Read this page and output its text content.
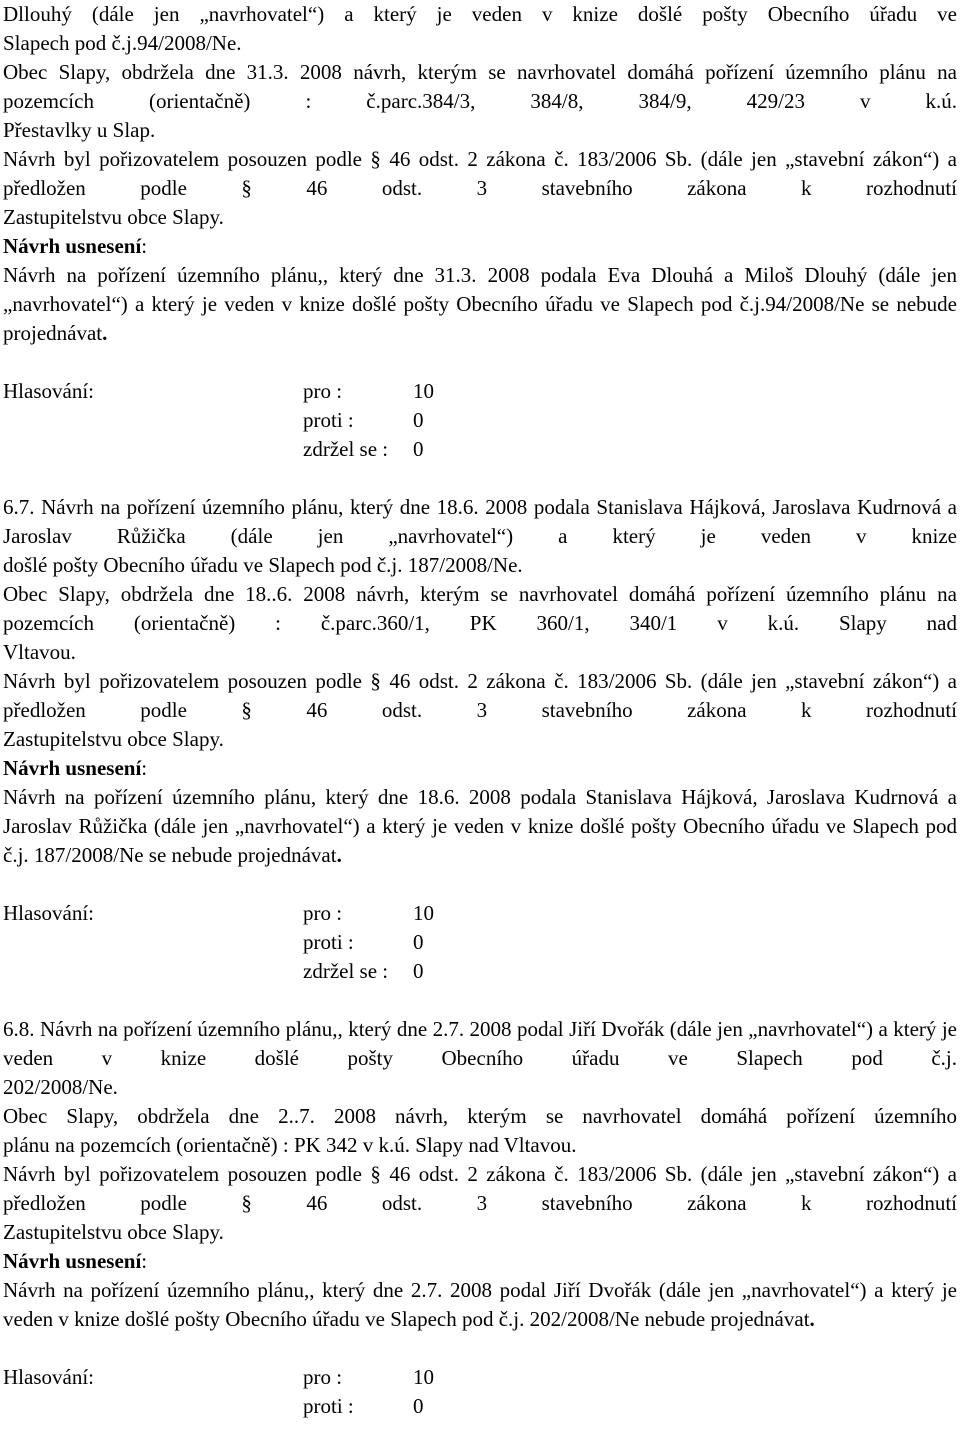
Dllouhý (dále jen „navrhovatel“) a který je veden v knize došlé pošty Obecního úřadu ve

Slapech pod č.j.94/2008/Ne.

Obec Slapy, obdržela dne 31.3. 2008 návrh, kterým se navrhovatel domáhá pořízení územního plánu na pozemcích (orientačně) : č.parc.384/3, 384/8, 384/9, 429/23 v k.ú.

Přestavlky u Slap.

Návrh byl pořizovatelem posouzen podle § 46 odst. 2 zákona č. 183/2006 Sb. (dále jen „stavební zákon“) a předložen podle § 46 odst. 3 stavebního zákona k rozhodnutí

Zastupitelstvu obce Slapy.

Návrh usnesení:

Návrh na pořízení územního plánu,, který dne 31.3. 2008 podala Eva Dlouhá a Miloš Dlouhý (dále jen „navrhovatel“) a který je veden v knize došlé pošty Obecního úřadu ve Slapech pod č.j.94/2008/Ne se nebude projednávat.

Hlasování:	pro :	10
proti :	0
zdržel se :	0

6.7. Návrh na pořízení územního plánu, který dne 18.6. 2008 podala Stanislava Hájková, Jaroslava Kudrnová a Jaroslav Růžička (dále jen „navrhovatel“) a který je veden v knize

došlé pošty Obecního úřadu ve Slapech pod č.j. 187/2008/Ne.

Obec Slapy, obdržela dne 18..6. 2008 návrh, kterým se navrhovatel domáhá pořízení územního plánu na pozemcích (orientačně) : č.parc.360/1, PK 360/1, 340/1 v k.ú. Slapy nad

Vltavou.

Návrh byl pořizovatelem posouzen podle § 46 odst. 2 zákona č. 183/2006 Sb. (dále jen „stavební zákon“) a předložen podle § 46 odst. 3 stavebního zákona k rozhodnutí

Zastupitelstvu obce Slapy.

Návrh usnesení:

Návrh na pořízení územního plánu, který dne 18.6. 2008 podala Stanislava Hájková, Jaroslava Kudrnová a Jaroslav Růžička (dále jen „navrhovatel“) a který je veden v knize došlé pošty Obecního úřadu ve Slapech pod č.j. 187/2008/Ne se nebude projednávat.

Hlasování:	pro :	10
proti :	0
zdržel se :	0

6.8. Návrh na pořízení územního plánu,, který dne 2.7. 2008 podal Jiří Dvořák (dále jen „navrhovatel“) a který je veden v knize došlé pošty Obecního úřadu ve Slapech pod č.j.

202/2008/Ne.

Obec Slapy, obdržela dne 2..7. 2008 návrh, kterým se navrhovatel domáhá pořízení územního

plánu na pozemcích (orientačně) : PK 342 v k.ú. Slapy nad Vltavou.

Návrh byl pořizovatelem posouzen podle § 46 odst. 2 zákona č. 183/2006 Sb. (dále jen „stavební zákon“) a předložen podle § 46 odst. 3 stavebního zákona k rozhodnutí

Zastupitelstvu obce Slapy.

Návrh usnesení:

Návrh na pořízení územního plánu,, který dne 2.7. 2008 podal Jiří Dvořák (dále jen „navrhovatel“) a který je veden v knize došlé pošty Obecního úřadu ve Slapech pod č.j. 202/2008/Ne nebude projednávat.

Hlasování:	pro :	10
proti :	0
